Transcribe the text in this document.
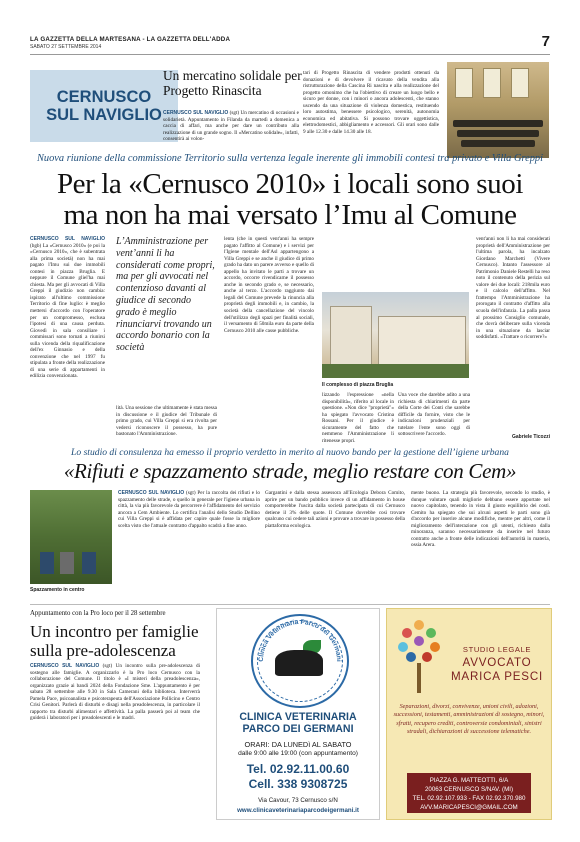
LA GAZZETTA DELLA MARTESANA - LA GAZZETTA DELL'ADDA
SABATO 27 SETTEMBRE 2014	7
CERNUSCO
SUL NAVIGLIO
Un mercatino solidale per Progetto Rinascita
CERNUSCO SUL NAVIGLIO (sgt) Un mercatino di occasioni e solidarietà. Appuntamento in Filanda da martedì a domenica a caccia di affari, ma anche per dare un contributo alla realizzazione di un grande sogno. Il «Mercatino solidale», infatti, consentirà ai volon-
tari di Progetto Rinascita di vendere prodotti ottenuti da donazioni e di devolvere il ricavato della vendita alla ristrutturazione della Cascina Ri nascita e alla realizzazione del progetto omonimo che ha l'obiettivo di creare un luogo bello e sicuro per donne, con i minori o ancora adolescenti, che stanno uscendo da una situazione di violenza domestica, restituendo loro autostima, benessere psicologico, serenità, autonomia economica ed abitativa. Si possono trovare oggettistica, elettrodomestici, abbigliamento e accessori. Gli orari sono dalle 9 alle 12.30 e dalle 14.30 alle 18.
Nuova riunione della commissione Territorio sulla vertenza legale inerente gli immobili contesi tra privato e Villa Greppi
Per la «Cernusco 2010» i locali sono suoi
ma non ha mai versato l’Imu al Comune
CERNUSCO SUL NAVIGLIO (bgb) La «Cernusco 2010» (e poi la «Cernusco 2010», che è subentrata alla prima società) non ha mai pagato l'Imu sui due immobili contesi in piazza Bruglia. E neppure il Comune gliel'ha mai chiesta. Ma per gli avvocati di Villa Greppi il giudizio non cambia: ispirato all'ultimo commissione Territorio di fine luglio: è meglio mettersi d'accordo con l'operatore per un compromesso, esclusa l'ipotesi di una causa perduta. Giovedì in sala consiliare i commissari sono tornati a riunirsi sulla vicenda della riqualificazione dell'ex Ginnasio e della convenzione che nel 1997 fu stipulata a fronte della realizzazione di una serie di appartamenti in edilizia convenzionata.
L’Amministrazione per vent’anni li ha considerati come propri, ma per gli avvocati nel contenzioso davanti al giudice di secondo grado è meglio rinunciarvi trovando un accordo bonario con la società
lità. Una sessione che ultimamente è stata messa in discussione e il giudice del Tribunale di primo grado, cui Villa Greppi si era rivolta per vedersi riconoscere il possesso, ha pure bastonato l'Amministrazione.
lenta (che in questi vent'anni ha sempre pagato l'affitto al Comune) e i servizi per l'Igiene mentale dell'Asl appartengono a Villa Greppi e se anche il giudice di primo grado ha dato un parere avverso e quello di appello ha invitato le parti a trovare un accordo, occorre rivendicarne il possesso anche in secondo grado e, se necessario, anche al terzo. L'accordo raggiunto dai legali del Comune prevede la rinuncia alla proprietà degli immobili e, in cambio, la società della cancellazione del vincolo dell'utilizzo degli spazi per finalità sociali, il versamento di 50mila euro da parte della Cernusco 2010 alle casse pubbliche.
Il complesso di piazza Bruglia
lizzando l'espressione «nella disponibilità», riferito al locale in questione. «Non dice "proprietà"» ha spiegato l'avvocato Cristina Rossani. Per il giudice è sicuramente del fatto che nemmeno l'Amministrazione li ritenesse propri.
Una voce che darebbe adito a una richiesta di chiarimenti da parte della Corte dei Conti che sarebbe difficile da fornire, visto che le indicazioni prudenziali per tutelare l'ente sono oggi di sottoscrivere l'accordo.
vent'anni non li ha mai considerati proprietà dell'Amministrazione per l'ultima parola, ha incalzato Giordano Marchetti (Vivere Cernusco). Intanto l'assessore al Patrimonio Daniele Restelli ha reso noto il contenuto della perizia sul valore dei due locali: 218mila euro e il calcolo dell'affitto. Nel frattempo l'Amministrazione ha prorogato il contratto d'affitto alla scuola dell'infanzia. La palla passa al prossimo Consiglio comunale, che dovrà deliberare sulla vicenda in una situazione da lasciar soddisfatti. «Trattare o ricorrere?»
Gabriele Ticozzi
Lo studio di consulenza ha emesso il proprio verdetto in merito al nuovo bando per la gestione dell’igiene urbana
«Rifiuti e spazzamento strade, meglio restare con Cem»
Spazzamento in centro
CERNUSCO SUL NAVIGLIO (sgt) Per la raccolta dei rifiuti e lo spazzamento delle strade, o quello in generale per l'igiene urbana in città, la via più favorevole da percorrere è l'affidamento del servizio ancora a Cem Ambiente. Lo certifica l'analisi dello Studio Dellino cui Villa Greppi si è affidata per capire quale fosse la migliore scelta visto che l'attuale contratto d'appalto scadrà a fine anno.
Gargantini e dalla stessa assessora all'Ecologia Debora Comito, aprire per un bando pubblico invece di un affidamento in house comporterebbe l'uscita dalla società partecipata di cui Cernusco detiene il 3% delle quote. Il Comune dovrebbe così trovare qualcuno cui cedere tali azioni e provare a trovare in possesso della piattaforma ecologica.
mente buono. La strategia più favorevole, secondo lo studio, è dunque valutare quali migliorie debbano essere apportate nel nuovo capitolato, tenendo in vista il giusto equilibrio dei costi. Cemito ha spiegato che sui alcuni aspetti le parti sono già d'accordo per inserire alcune modifiche, mentre per altri, come il miglioramento dell'interazione con gli utenti, richiesto dalla minoranza, saranno necessariamente da inserire nel futuro contratto anche a fronte delle indicazioni dell'autorità in materia, ossia Arera.
Appuntamento con la Pro loco per il 28 settembre
Un incontro per famiglie
sulla pre-adolescenza
CERNUSCO SUL NAVIGLIO (sgt) Un incontro sulla pre-adolescenza di sostegno alle famiglie. A organizzarlo è la Pro loco Cernusco con la collaborazione del Comune. Il titolo è «I misteri della preadolescenza», organizzato grazie ai bandi 2024 della Fondazione Sme. L'appuntamento è per sabato 28 settembre alle 9.30 in Sala Camerani della biblioteca. Interverrà Pamela Pace, psicoanalista e psicoterapeuta dell'Associazione Pollicino e Centro Crisi Genitori. Parlerà di disturbi e disagi nella preadolescenza, in particolare il rapporto tra disturbi alimentari e affettività. La palla passerà poi al team che guiderà i laboratori per i preadolescenti e le madri.
Clinica Veterinaria Parco dei Germani
CLINICA VETERINARIA
PARCO DEI GERMANI
ORARI: DA LUNEDì AL SABATO
dalle 9:00 alle 19:00 (con appuntamento)
Tel. 02.92.11.00.60
Cell. 338 9308725
Via Cavour, 73 Cernusco s/N
www.clinicaveterinariaparcodeigermani.it
STUDIO LEGALE
AVVOCATO
MARICA PESCI
Separazioni, divorzi, convivenze, unioni civili, adozioni, successioni, testamenti, amministrazioni di sostegno, minori, sfratti, recupero crediti, controversie condominiali, sinistri stradali, dichiarazioni di successione telematiche.
PIAZZA G. MATTEOTTI, 6/A
20063 CERNUSCO S/NAV. (MI)
TEL. 02.92.107.933 - FAX 02.92.370.980
AVV.MARICAPESCI@GMAIL.COM
